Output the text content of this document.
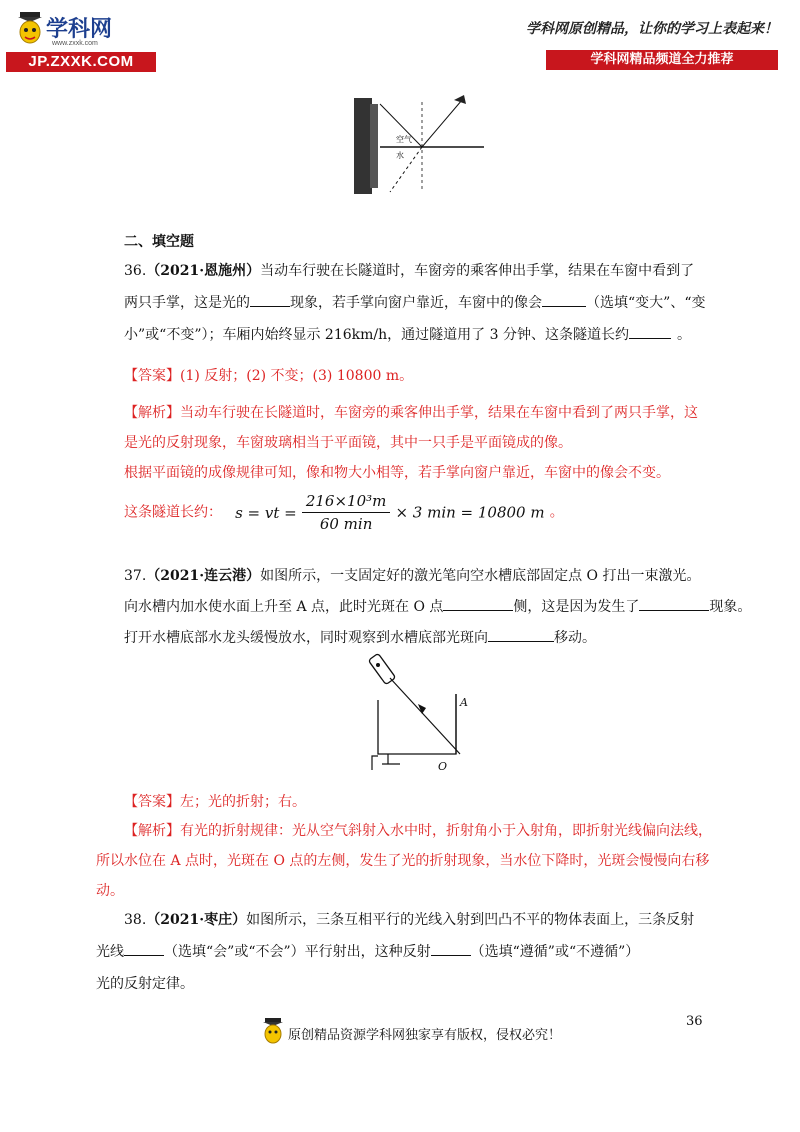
学科网
www.zxxk.com
JP.ZXXK.COM
学科网原创精品，让你的学习上表起来！
学科网精品频道全力推荐
空气
水
二、填空题
36.（2021·恩施州）当动车行驶在长隧道时，车窗旁的乘客伸出手掌，结果在车窗中看到了
两只手掌，这是光的	现象，若手掌向窗户靠近，车窗中的像会	（选填“变大”、“变
小”或“不变”）；车厢内始终显示 216km/h，通过隧道用了 3 分钟、这条隧道长约	。
【答案】(1) 反射；(2) 不变；(3) 10800 m。
【解析】当动车行驶在长隧道时，车窗旁的乘客伸出手掌，结果在车窗中看到了两只手掌，这
是光的反射现象，车窗玻璃相当于平面镜，其中一只手是平面镜成的像。
根据平面镜的成像规律可知，像和物大小相等，若手掌向窗户靠近，车窗中的像会不变。
这条隧道长约： s = vt = $\frac{\text{216×10³m}}{60 \min} \times 3$ min = 10800 m 。
37.（2021·连云港）如图所示，一支固定好的激光笔向空水槽底部固定点 O 打出一束激光。
向水槽内加水使水面上升至 A 点，此时光斑在 O 点	侧，这是因为发生了	现象。
打开水槽底部水龙头缓慢放水，同时观察到水槽底部光斑向	移动。
A
O
【答案】左；光的折射；右。
【解析】有光的折射规律：光从空气斜射入水中时，折射角小于入射角，即折射光线偏向法线，
所以水位在 A 点时，光斑在 O 点的左侧，发生了光的折射现象，当水位下降时，光斑会慢慢向右移
动。
38.（2021·枣庄）如图所示，三条互相平行的光线入射到凹凸不平的物体表面上，三条反射
光线	（选填“会”或“不会”）平行射出，这种反射	（选填“遵循”或“不遵循”）
光的反射定律。
36
原创精品资源学科网独家享有版权，侵权必究！
